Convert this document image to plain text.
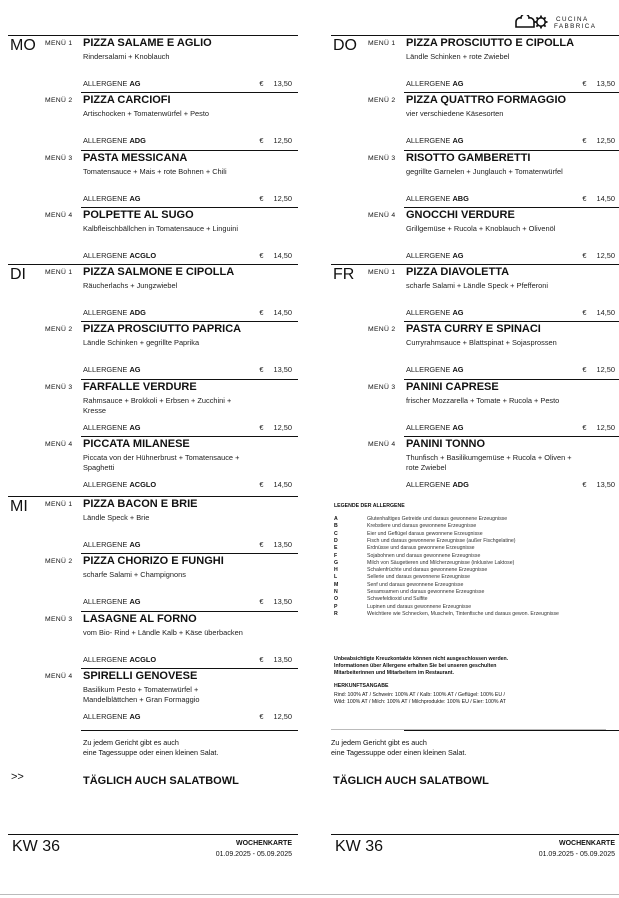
CUCINA
FABBRICA
MO MENÜ 1 PIZZA SALAME E AGLIO
Rindersalami + Knoblauch
ALLERGENE AG	€ 13,50
MENÜ 2 PIZZA CARCIOFI
Artischocken + Tomatenwürfel + Pesto
ALLERGENE ADG	€ 12,50
MENÜ 3 PASTA MESSICANA
Tomatensauce + Mais + rote Bohnen + Chili
ALLERGENE AG	€ 12,50
MENÜ 4 POLPETTE AL SUGO
Kalbfleischbällchen in Tomatensauce + Linguini
ALLERGENE ACGLO	€ 14,50
DI	MENÜ 1 PIZZA SALMONE E CIPOLLA
Räucherlachs + Jungzwiebel
ALLERGENE ADG	€ 14,50
MENÜ 2 PIZZA PROSCIUTTO PAPRICA
Ländle Schinken + gegrillte Paprika
ALLERGENE AG	€ 13,50
MENÜ 3 FARFALLE VERDURE
Rahmsauce + Brokkoli + Erbsen + Zucchini + Kresse
ALLERGENE AG	€ 12,50
MENÜ 4 PICCATA MILANESE
Piccata von der Hühnerbrust + Tomatensauce + Spaghetti
ALLERGENE ACGLO	€ 14,50
MI	MENÜ 1 PIZZA BACON E BRIE
Ländle Speck + Brie
ALLERGENE AG	€ 13,50
MENÜ 2 PIZZA CHORIZO E FUNGHI
scharfe Salami + Champignons
ALLERGENE AG	€ 13,50
MENÜ 3 LASAGNE AL FORNO
vom Bio- Rind + Ländle Kalb + Käse überbacken
ALLERGENE ACGLO	€ 13,50
MENÜ 4 SPIRELLI GENOVESE
Basilikum Pesto + Tomatenwürfel + Mandelblättchen + Gran Formaggio
ALLERGENE AG	€ 12,50
Zu jedem Gericht gibt es auch
eine Tagessuppe oder einen kleinen Salat.
>>	TÄGLICH AUCH SALATBOWL
KW 36	WOCHENKARTE
01.09.2025 - 05.09.2025
DO MENÜ 1 PIZZA PROSCIUTTO E CIPOLLA
Ländle Schinken + rote Zwiebel
ALLERGENE AG	€ 13,50
MENÜ 2 PIZZA QUATTRO FORMAGGIO
vier verschiedene Käsesorten
ALLERGENE AG	€ 12,50
MENÜ 3 RISOTTO GAMBERETTI
gegrillte Garnelen + Junglauch + Tomatenwürfel
ALLERGENE ABG	€ 14,50
MENÜ 4 GNOCCHI VERDURE
Grillgemüse + Rucola + Knoblauch + Olivenöl
ALLERGENE AG	€ 12,50
FR MENÜ 1 PIZZA DIAVOLETTA
scharfe Salami + Ländle Speck + Pfefferoni
ALLERGENE AG	€ 14,50
MENÜ 2 PASTA CURRY E SPINACI
Curryrahmsauce + Blattspinat + Sojasprossen
ALLERGENE AG	€ 12,50
MENÜ 3 PANINI CAPRESE
frischer Mozzarella + Tomate + Rucola + Pesto
ALLERGENE AG	€ 12,50
MENÜ 4 PANINI TONNO
Thunfisch + Basilikumgemüse + Rucola + Oliven + rote Zwiebel
ALLERGENE ADG	€ 13,50
Zu jedem Gericht gibt es auch
eine Tagessuppe oder einen kleinen Salat.
TÄGLICH AUCH SALATBOWL
KW 36	WOCHENKARTE
01.09.2025 - 05.09.2025
LEGENDE DER ALLERGENE
A	Glutenhaltiges Getreide und daraus gewonnene Erzeugnisse
B	Krebstiere und daraus gewonnene Erzeugnisse
C	Eier und Geflügel daraus gewonnene Erzeugnisse
D	Fisch und daraus gewonnene Erzeugnisse (außer Fischgelatine)
E	Erdnüsse und daraus gewonnene Erzeugnisse
F	Sojabohnen und daraus gewonnene Erzeugnisse
G	Milch von Säugetieren und Milcherzeugnisse (inklusive Laktose)
H	Schalenfrüchte und daraus gewonnene Erzeugnisse
L	Sellerie und daraus gewonnene Erzeugnisse
M	Senf und daraus gewonnene Erzeugnisse
N	Sesamsamen und daraus gewonnene Erzeugnisse
O	Schwefeldioxid und Sulfite
P	Lupinen und daraus gewonnene Erzeugnisse
R	Weichtiere wie Schnecken, Muscheln, Tintenfische und daraus gewon. Erzeugnisse
Unbeabsichtigte Kreuzkontakte können nicht ausgeschlossen werden.
Informationen über Allergene erhalten Sie bei unseren geschulten
Mitarbeiterinnen und Mitarbeitern im Restaurant.
HERKUNFTSANGABE
Rind: 100% AT / Schwein: 100% AT / Kalb: 100% AT / Geflügel: 100% EU /
Wild: 100% AT / Milch: 100% AT / Milchprodukte: 100% EU / Eier: 100% AT
